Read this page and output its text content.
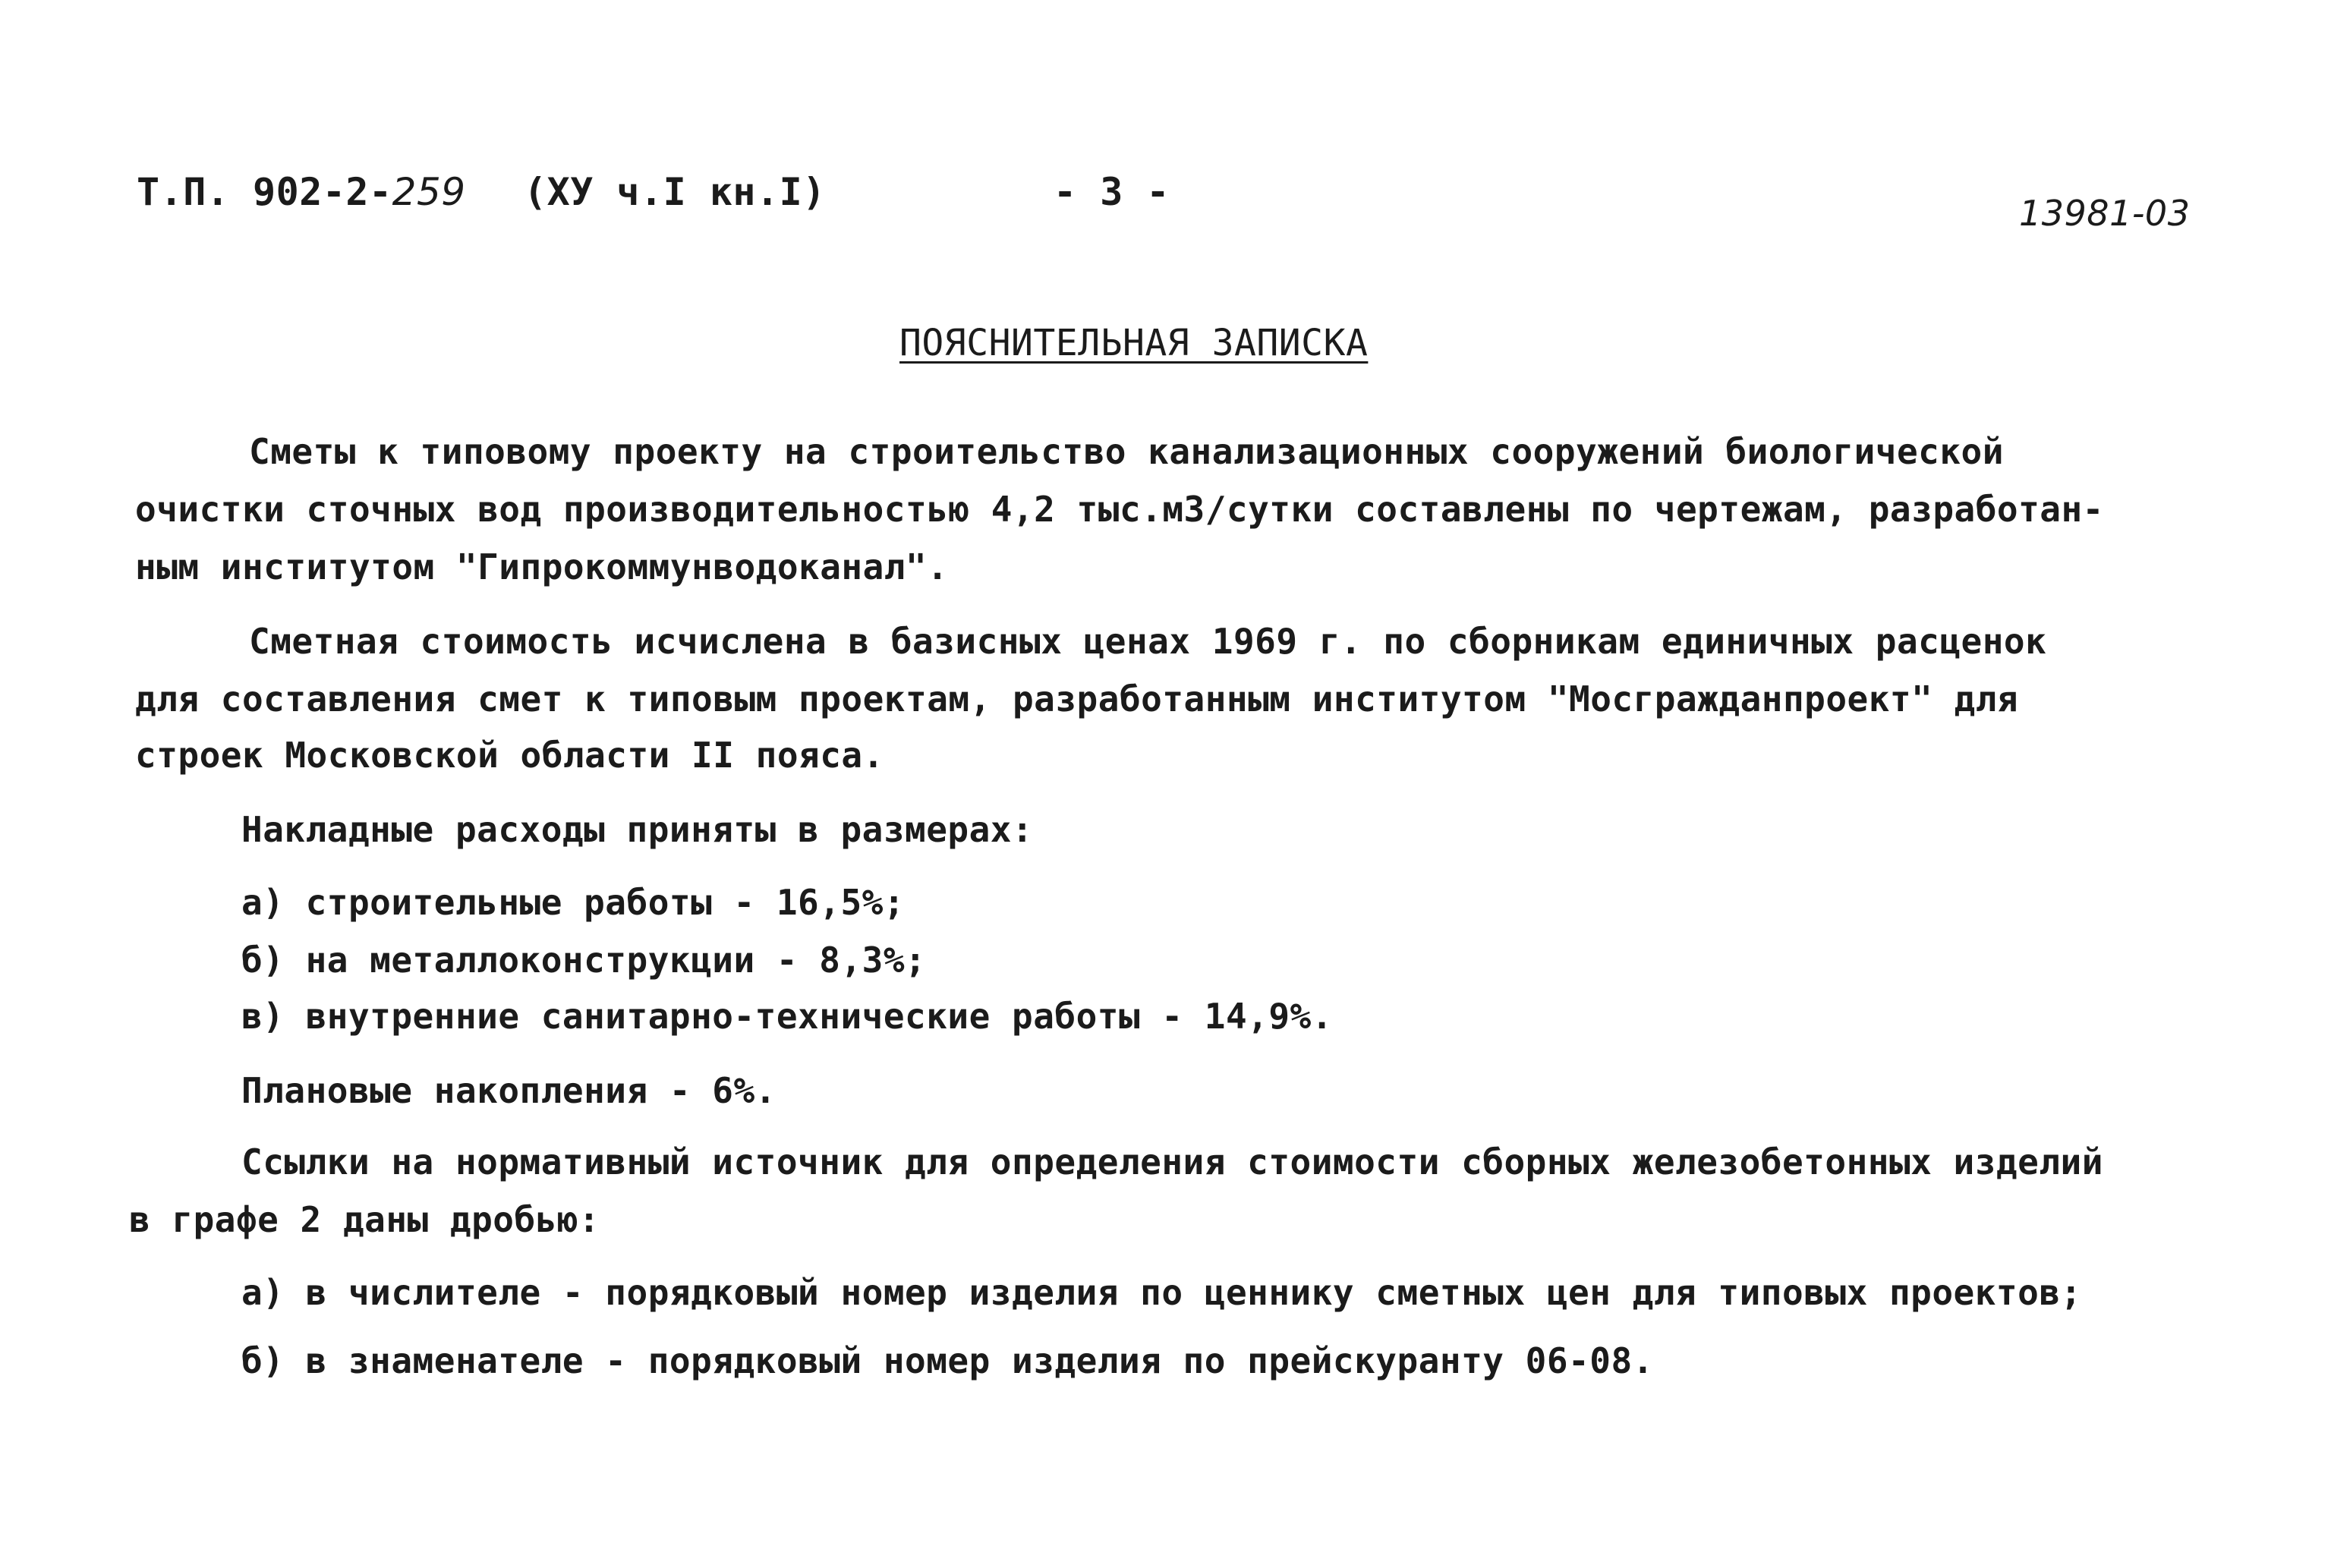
Т.П. 902-2-259 (ХУ ч.I кн.I)	- 3 -	13981-03
ПОЯСНИТЕЛЬНАЯ ЗАПИСКА
Сметы к типовому проекту на строительство канализационных сооружений биологической
очистки сточных вод производительностью 4,2 тыс.м3/сутки составлены по чертежам, разработан-
ным институтом "Гипрокоммунводоканал".
Сметная стоимость исчислена в базисных ценах 1969 г. по сборникам единичных расценок
для составления смет к типовым проектам, разработанным институтом "Мосгражданпроект" для
строек Московской области II пояса.
Накладные расходы приняты в размерах:
а) строительные работы - 16,5%;
б) на металлоконструкции - 8,3%;
в) внутренние санитарно-технические работы - 14,9%.
Плановые накопления - 6%.
Ссылки на нормативный источник для определения стоимости сборных железобетонных изделий
в графе 2 даны дробью:
а) в числителе - порядковый номер изделия по ценнику сметных цен для типовых проектов;
б) в знаменателе - порядковый номер изделия по прейскуранту 06-08.
